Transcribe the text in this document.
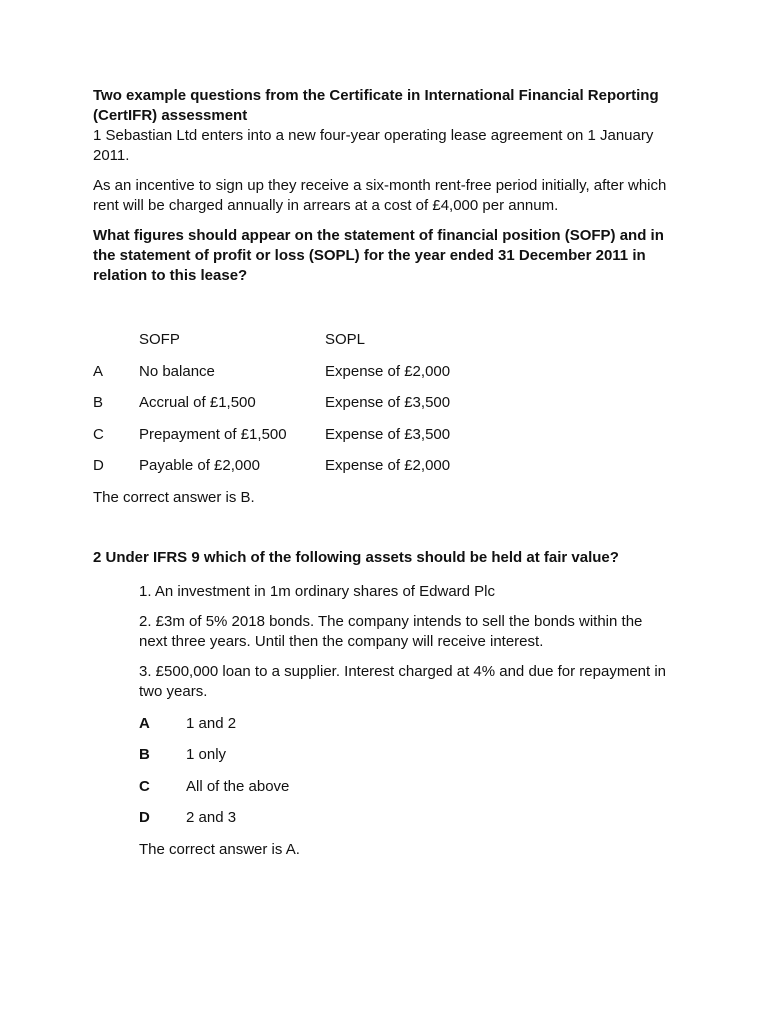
Two example questions from the Certificate in International Financial Reporting (CertIFR) assessment

1 Sebastian Ltd enters into a new four-year operating lease agreement on 1 January 2011.

As an incentive to sign up they receive a six-month rent-free period initially, after which rent will be charged annually in arrears at a cost of £4,000 per annum.

What figures should appear on the statement of financial position (SOFP) and in the statement of profit or loss (SOPL) for the year ended 31 December 2011 in relation to this lease?

	SOFP	SOPL
A	No balance	Expense of £2,000
B	Accrual of £1,500	Expense of £3,500
C	Prepayment of £1,500	Expense of £3,500
D	Payable of £2,000	Expense of £2,000

The correct answer is B.

2 Under IFRS 9 which of the following assets should be held at fair value?

1. An investment in 1m ordinary shares of Edward Plc

2. £3m of 5% 2018 bonds. The company intends to sell the bonds within the next three years. Until then the company will receive interest.

3. £500,000 loan to a supplier. Interest charged at 4% and due for repayment in two years.

A	1 and 2
B	1 only
C	All of the above
D	2 and 3

The correct answer is A.
